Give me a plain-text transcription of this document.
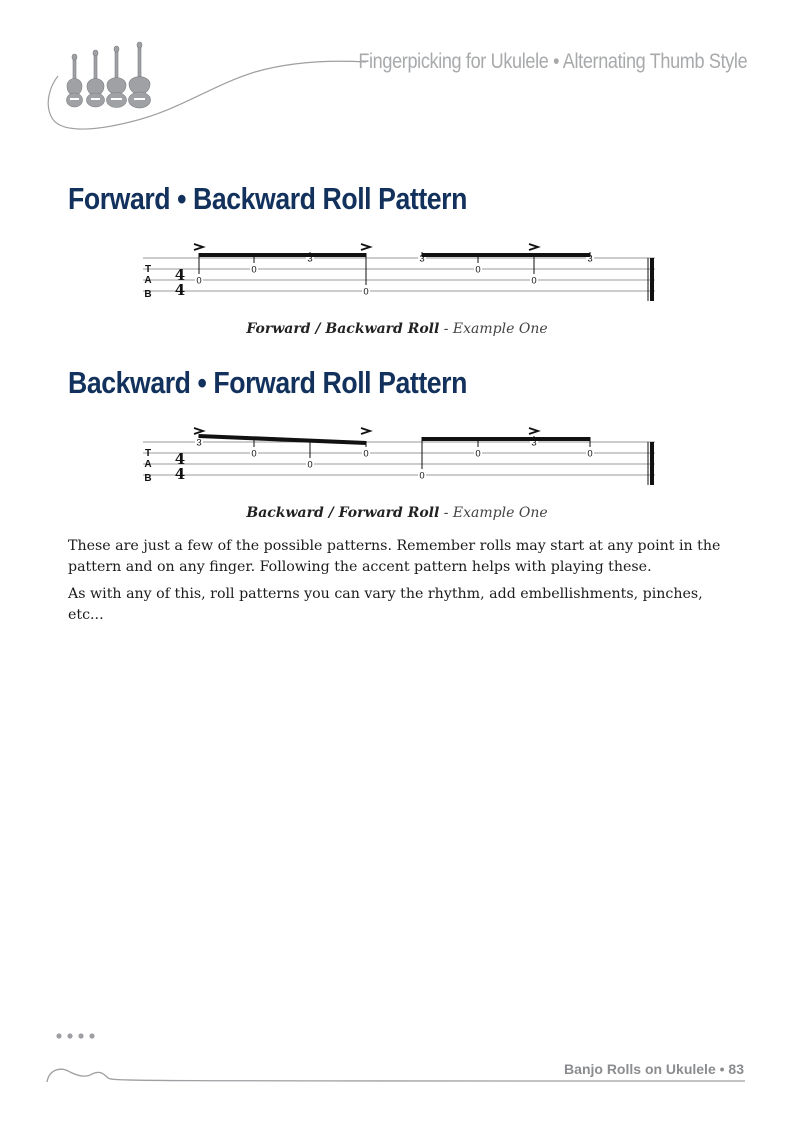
Fingerpicking for Ukulele • Alternating Thumb Style
Forward • Backward Roll Pattern
T
A
B
4
4 0
0
3
0
3
0
0
3
Forward / Backward Roll - Example One
Backward • Forward Roll Pattern
T
A
B
4
4
3
0
0
0
0
0
3
0
Backward / Forward Roll - Example One
These are just a few of the possible patterns. Remember rolls may start at any point in the pattern and on any finger. Following the accent pattern helps with playing these.
As with any of this, roll patterns you can vary the rhythm, add embellishments, pinches, etc...
Banjo Rolls on Ukulele • 83
